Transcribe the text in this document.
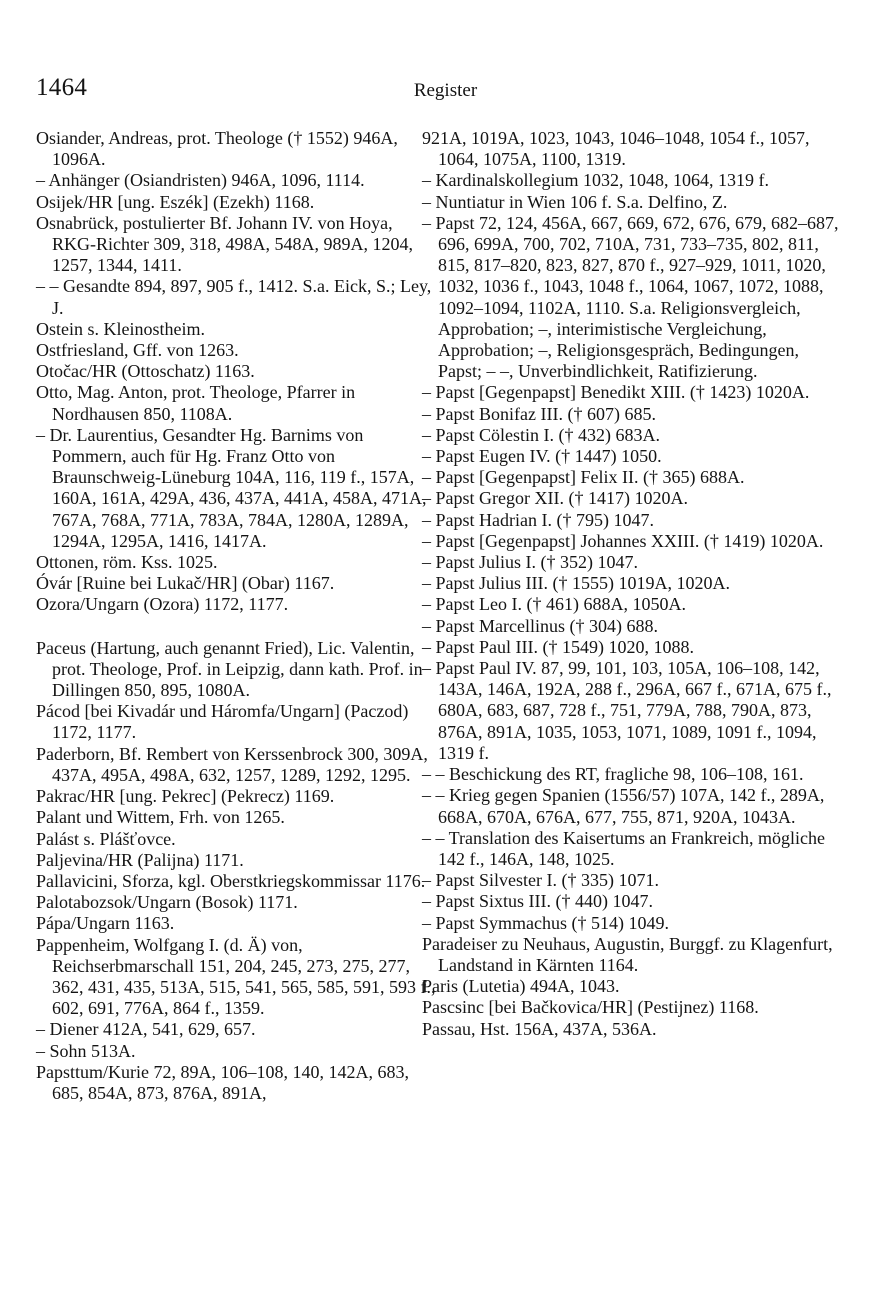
1464	Register

Osiander, Andreas, prot. Theologe († 1552) 946A, 1096A.

– Anhänger (Osiandristen) 946A, 1096, 1114.

Osijek/HR [ung. Eszék] (Ezekh) 1168.

Osnabrück, postulierter Bf. Johann IV. von Hoya, RKG-Richter 309, 318, 498A, 548A, 989A, 1204, 1257, 1344, 1411.

– – Gesandte 894, 897, 905 f., 1412. S.a. Eick, S.; Ley, J.

Ostein s. Kleinostheim.

Ostfriesland, Gff. von 1263.

Otočac/HR (Ottoschatz) 1163.

Otto, Mag. Anton, prot. Theologe, Pfarrer in Nordhausen 850, 1108A.

– Dr. Laurentius, Gesandter Hg. Barnims von Pommern, auch für Hg. Franz Otto von Braunschweig-Lüneburg 104A, 116, 119 f., 157A, 160A, 161A, 429A, 436, 437A, 441A, 458A, 471A, 767A, 768A, 771A, 783A, 784A, 1280A, 1289A, 1294A, 1295A, 1416, 1417A.

Ottonen, röm. Kss. 1025.

Óvár [Ruine bei Lukač/HR] (Obar) 1167.

Ozora/Ungarn (Ozora) 1172, 1177.

Paceus (Hartung, auch genannt Fried), Lic. Valentin, prot. Theologe, Prof. in Leipzig, dann kath. Prof. in Dillingen 850, 895, 1080A.

Pácod [bei Kivadár und Háromfa/Ungarn] (Paczod) 1172, 1177.

Paderborn, Bf. Rembert von Kerssenbrock 300, 309A, 437A, 495A, 498A, 632, 1257, 1289, 1292, 1295.

Pakrac/HR [ung. Pekrec] (Pekrecz) 1169.

Palant und Wittem, Frh. von 1265.

Palást s. Plášťovce.

Paljevina/HR (Palijna) 1171.

Pallavicini, Sforza, kgl. Oberstkriegskommissar 1176.

Palotabozsok/Ungarn (Bosok) 1171.

Pápa/Ungarn 1163.

Pappenheim, Wolfgang I. (d. Ä) von, Reichserbmarschall 151, 204, 245, 273, 275, 277, 362, 431, 435, 513A, 515, 541, 565, 585, 591, 593 f., 602, 691, 776A, 864 f., 1359.

– Diener 412A, 541, 629, 657.

– Sohn 513A.

Papsttum/Kurie 72, 89A, 106–108, 140, 142A, 683, 685, 854A, 873, 876A, 891A,

921A, 1019A, 1023, 1043, 1046–1048, 1054 f., 1057, 1064, 1075A, 1100, 1319.

– Kardinalskollegium 1032, 1048, 1064, 1319 f.

– Nuntiatur in Wien 106 f. S.a. Delfino, Z.

– Papst 72, 124, 456A, 667, 669, 672, 676, 679, 682–687, 696, 699A, 700, 702, 710A, 731, 733–735, 802, 811, 815, 817–820, 823, 827, 870 f., 927–929, 1011, 1020, 1032, 1036 f., 1043, 1048 f., 1064, 1067, 1072, 1088, 1092–1094, 1102A, 1110. S.a. Religionsvergleich, Approbation; –, interimistische Vergleichung, Approbation; –, Religionsgespräch, Bedingungen, Papst; – –, Unverbindlichkeit, Ratifizierung.

– Papst [Gegenpapst] Benedikt XIII. († 1423) 1020A.

– Papst Bonifaz III. († 607) 685.

– Papst Cölestin I. († 432) 683A.

– Papst Eugen IV. († 1447) 1050.

– Papst [Gegenpapst] Felix II. († 365) 688A.

– Papst Gregor XII. († 1417) 1020A.

– Papst Hadrian I. († 795) 1047.

– Papst [Gegenpapst] Johannes XXIII. († 1419) 1020A.

– Papst Julius I. († 352) 1047.

– Papst Julius III. († 1555) 1019A, 1020A.

– Papst Leo I. († 461) 688A, 1050A.

– Papst Marcellinus († 304) 688.

– Papst Paul III. († 1549) 1020, 1088.

– Papst Paul IV. 87, 99, 101, 103, 105A, 106–108, 142, 143A, 146A, 192A, 288 f., 296A, 667 f., 671A, 675 f., 680A, 683, 687, 728 f., 751, 779A, 788, 790A, 873, 876A, 891A, 1035, 1053, 1071, 1089, 1091 f., 1094, 1319 f.

– – Beschickung des RT, fragliche 98, 106–108, 161.

– – Krieg gegen Spanien (1556/57) 107A, 142 f., 289A, 668A, 670A, 676A, 677, 755, 871, 920A, 1043A.

– – Translation des Kaisertums an Frankreich, mögliche 142 f., 146A, 148, 1025.

– Papst Silvester I. († 335) 1071.

– Papst Sixtus III. († 440) 1047.

– Papst Symmachus († 514) 1049.

Paradeiser zu Neuhaus, Augustin, Burggf. zu Klagenfurt, Landstand in Kärnten 1164.

Paris (Lutetia) 494A, 1043.

Pascsinc [bei Bačkovica/HR] (Pestijnez) 1168.

Passau, Hst. 156A, 437A, 536A.
